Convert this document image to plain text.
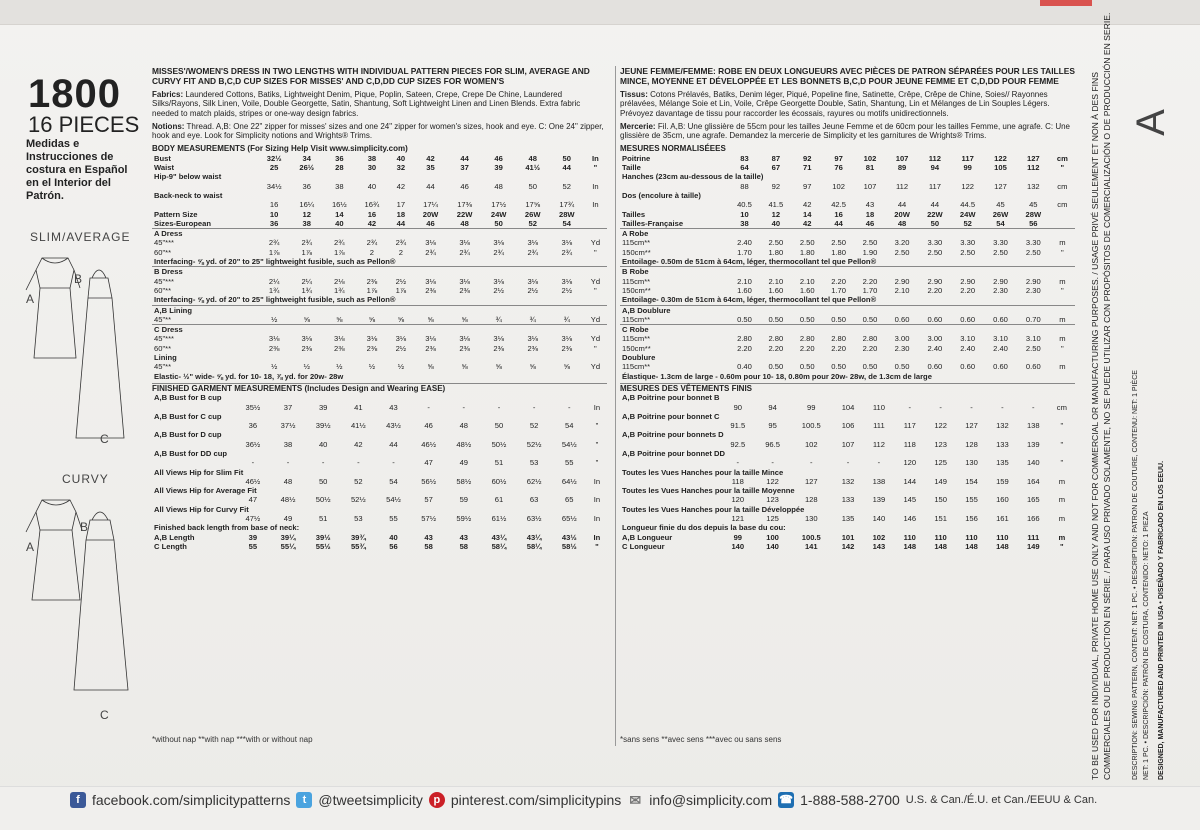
1800
16 PIECES
Medidas e Instrucciones de costura en Español en el Interior del Patrón.
SLIM/AVERAGE
CURVY
A
B
C
A
B
C
MISSES'/WOMEN'S DRESS IN TWO LENGTHS WITH INDIVIDUAL PATTERN PIECES FOR SLIM, AVERAGE AND CURVY FIT AND B,C,D CUP SIZES FOR MISSES' AND C,D,DD CUP SIZES FOR WOMEN'S
Fabrics: Laundered Cottons, Batiks, Lightweight Denim, Pique, Poplin, Sateen, Crepe, Crepe De Chine, Laundered Silks/Rayons, Silk Linen, Voile, Double Georgette, Satin, Shantung, Soft Lightweight Linen and Linen Blends. Extra fabric needed to match plaids, stripes or one-way design fabrics.
Notions: Thread. A,B: One 22" zipper for misses' sizes and one 24" zipper for women's sizes, hook and eye. C: One 24" zipper, hook and eye. Look for Simplicity notions and Wrights® Trims.
BODY MEASUREMENTS (For Sizing Help Visit www.simplicity.com)
Bust	32½	34	36	38	40	42	44	46	48	50	In
Waist	25	26½	28	30	32	35	37	39	41½	44	"
Hip-9" below waist											
	34½	36	38	40	42	44	46	48	50	52	In
Back-neck to waist											
	16	16¼	16½	16¾	17	17¼	17⅜	17½	17⅝	17¾	In
Pattern Size	10	12	14	16	18	20W	22W	24W	26W	28W	
Sizes-European	36	38	40	42	44	46	48	50	52	54	
A Dress											
45"***	2¾	2¾	2¾	2¾	2¾	3⅛	3⅛	3⅛	3⅛	3⅛	Yd
60"**	1⅞	1⅞	1⅞	2	2	2¾	2¾	2¾	2¾	2¾	"
Interfacing- ⅝ yd. of 20" to 25" lightweight fusible, such as Pellon®											
B Dress											
45"***	2¼	2¼	2⅛	2⅜	2½	3⅛	3⅛	3⅛	3⅛	3⅛	Yd
60"**	1¾	1¾	1¾	1⅞	1⅞	2⅜	2⅜	2½	2½	2½	"
Interfacing- ⅝ yd. of 20" to 25" lightweight fusible, such as Pellon®											
A,B Lining											
45"**	½	⅝	⅝	⅝	⅝	⅝	⅝	¾	¾	¾	Yd
C Dress											
45"***	3⅛	3⅛	3⅛	3⅛	3⅛	3⅛	3⅛	3⅛	3⅛	3⅛	Yd
60"**	2⅜	2⅜	2⅜	2⅜	2½	2⅜	2⅜	2⅜	2⅜	2⅜	"
Lining											
45"**	½	½	½	½	½	⅝	⅝	⅝	⅝	⅝	Yd
Elastic- ½" wide- ⅝ yd. for 10- 18, ⅞ yd. for 20w- 28w											
FINISHED GARMENT MEASUREMENTS (Includes Design and Wearing EASE)
A,B Bust for B cup											
	35½	37	39	41	43	-	-	-	-	-	In
A,B Bust for C cup											
	36	37½	39½	41½	43½	46	48	50	52	54	"
A,B Bust for D cup											
	36½	38	40	42	44	46½	48½	50½	52½	54½	"
A,B Bust for DD cup											
	-	-	-	-	-	47	49	51	53	55	"
All Views Hip for Slim Fit											
	46½	48	50	52	54	56½	58½	60½	62½	64½	In
All Views Hip for Average Fit											
	47	48½	50½	52½	54½	57	59	61	63	65	In
All Views Hip for Curvy Fit											
	47½	49	51	53	55	57½	59½	61½	63½	65½	In
Finished back length from base of neck:											
A,B Length	39	39¼	39½	39¾	40	43	43	43¼	43¼	43½	In
C Length	55	55¼	55½	55¾	56	58	58	58¼	58¼	58½	"
*without nap **with nap ***with or without nap
JEUNE FEMME/FEMME: ROBE EN DEUX LONGUEURS AVEC PIÈCES DE PATRON SÉPARÉES POUR LES TAILLES MINCE, MOYENNE ET DÉVELOPPÉE ET LES BONNETS B,C,D POUR JEUNE FEMME ET C,D,DD POUR FEMME
Tissus: Cotons Prélavés, Batiks, Denim léger, Piqué, Popeline fine, Satinette, Crêpe, Crêpe de Chine, Soies// Rayonnes prélavées, Mélange Soie et Lin, Voile, Crêpe Georgette Double, Satin, Shantung, Lin et Mélanges de Lin Souples Légers. Prévoyez davantage de tissu pour raccorder les écossais, rayures ou motifs unidirectionnels.
Mercerie: Fil. A,B: Une glissière de 55cm pour les tailles Jeune Femme et de 60cm pour les tailles Femme, une agrafe. C: Une glissière de 35cm, une agrafe. Demandez la mercerie de Simplicity et les garnitures de Wrights® Trims.
MESURES NORMALISÉEES
Poitrine	83	87	92	97	102	107	112	117	122	127	cm
Taille	64	67	71	76	81	89	94	99	105	112	"
Hanches (23cm au-dessous de la taille)											
	88	92	97	102	107	112	117	122	127	132	cm
Dos (encolure à taille)											
	40.5	41.5	42	42.5	43	44	44	44.5	45	45	cm
Tailles	10	12	14	16	18	20W	22W	24W	26W	28W	
Tailles-Française	38	40	42	44	46	48	50	52	54	56	
A Robe											
115cm**	2.40	2.50	2.50	2.50	2.50	3.20	3.30	3.30	3.30	3.30	m
150cm**	1.70	1.80	1.80	1.80	1.90	2.50	2.50	2.50	2.50	2.50	"
Entoilage- 0.50m de 51cm à 64cm, léger, thermocollant tel que Pellon®											
B Robe											
115cm**	2.10	2.10	2.10	2.20	2.20	2.90	2.90	2.90	2.90	2.90	m
150cm**	1.60	1.60	1.60	1.70	1.70	2.10	2.20	2.20	2.30	2.30	"
Entoilage- 0.30m de 51cm à 64cm, léger, thermocollant tel que Pellon®											
A,B Doublure											
115cm**	0.50	0.50	0.50	0.50	0.50	0.60	0.60	0.60	0.60	0.70	m
C Robe											
115cm**	2.80	2.80	2.80	2.80	2.80	3.00	3.00	3.10	3.10	3.10	m
150cm**	2.20	2.20	2.20	2.20	2.20	2.30	2.40	2.40	2.40	2.50	"
Doublure											
115cm**	0.40	0.50	0.50	0.50	0.50	0.50	0.60	0.60	0.60	0.60	m
Élastique- 1.3cm de large - 0.60m pour 10- 18, 0.80m pour 20w- 28w, de 1.3cm de large											
MESURES DES VÊTEMENTS FINIS
A,B Poitrine pour bonnet B											
	90	94	99	104	110	-	-	-	-	-	cm
A,B Poitrine pour bonnet C											
	91.5	95	100.5	106	111	117	122	127	132	138	"
A,B Poitrine pour bonnets D											
	92.5	96.5	102	107	112	118	123	128	133	139	"
A,B Poitrine pour bonnet DD											
	-	-	-	-	-	120	125	130	135	140	"
Toutes les Vues Hanches pour la taille Mince											
	118	122	127	132	138	144	149	154	159	164	m
Toutes les Vues Hanches pour la taille Moyenne											
	120	123	128	133	139	145	150	155	160	165	m
Toutes les Vues Hanches pour la taille Développée											
	121	125	130	135	140	146	151	156	161	166	m
Longueur finie du dos depuis la base du cou:											
A,B Longueur	99	100	100.5	101	102	110	110	110	110	111	m
C Longueur	140	140	141	142	143	148	148	148	148	149	"
*sans sens **avec sens ***avec ou sans sens	TO BE USED FOR INDIVIDUAL, PRIVATE HOME USE ONLY AND NOT FOR COMMERCIAL OR MANUFACTURING PURPOSES. / USAGE PRIVÉ SEULEMENT ET NON À DES FINS COMMERCIALES OU DE PRODUCTION EN SÉRIE. / PARA USO PRIVADO SOLAMENTE, NO SE PUEDE UTILIZAR CON PROPÓSITOS DE COMERCIALIZACIÓN O DE PRODUCCIÓN EN SERIE.	DESCRIPTION: SEWING PATTERN, CONTENT: NET: 1 PC. • DESCRIPTION: PATRON DE COUTURE, CONTENU: NET: 1 PIÈCE NET: 1 PC. • DESCRIPCIÓN: PATRÓN DE COSTURA, CONTENIDO: NETO: 1 PIEZA DESIGNED, MANUFACTURED AND PRINTED IN USA • DISEÑADO Y FABRICADO EN LOS EEUU.
A
f facebook.com/simplicitypatterns	t @tweetsimplicity p pinterest.com/simplicitypins ✉ info@simplicity.com ☎ 1-888-588-2700 U.S. & Can./É.U. et Can./EEUU & Can.
